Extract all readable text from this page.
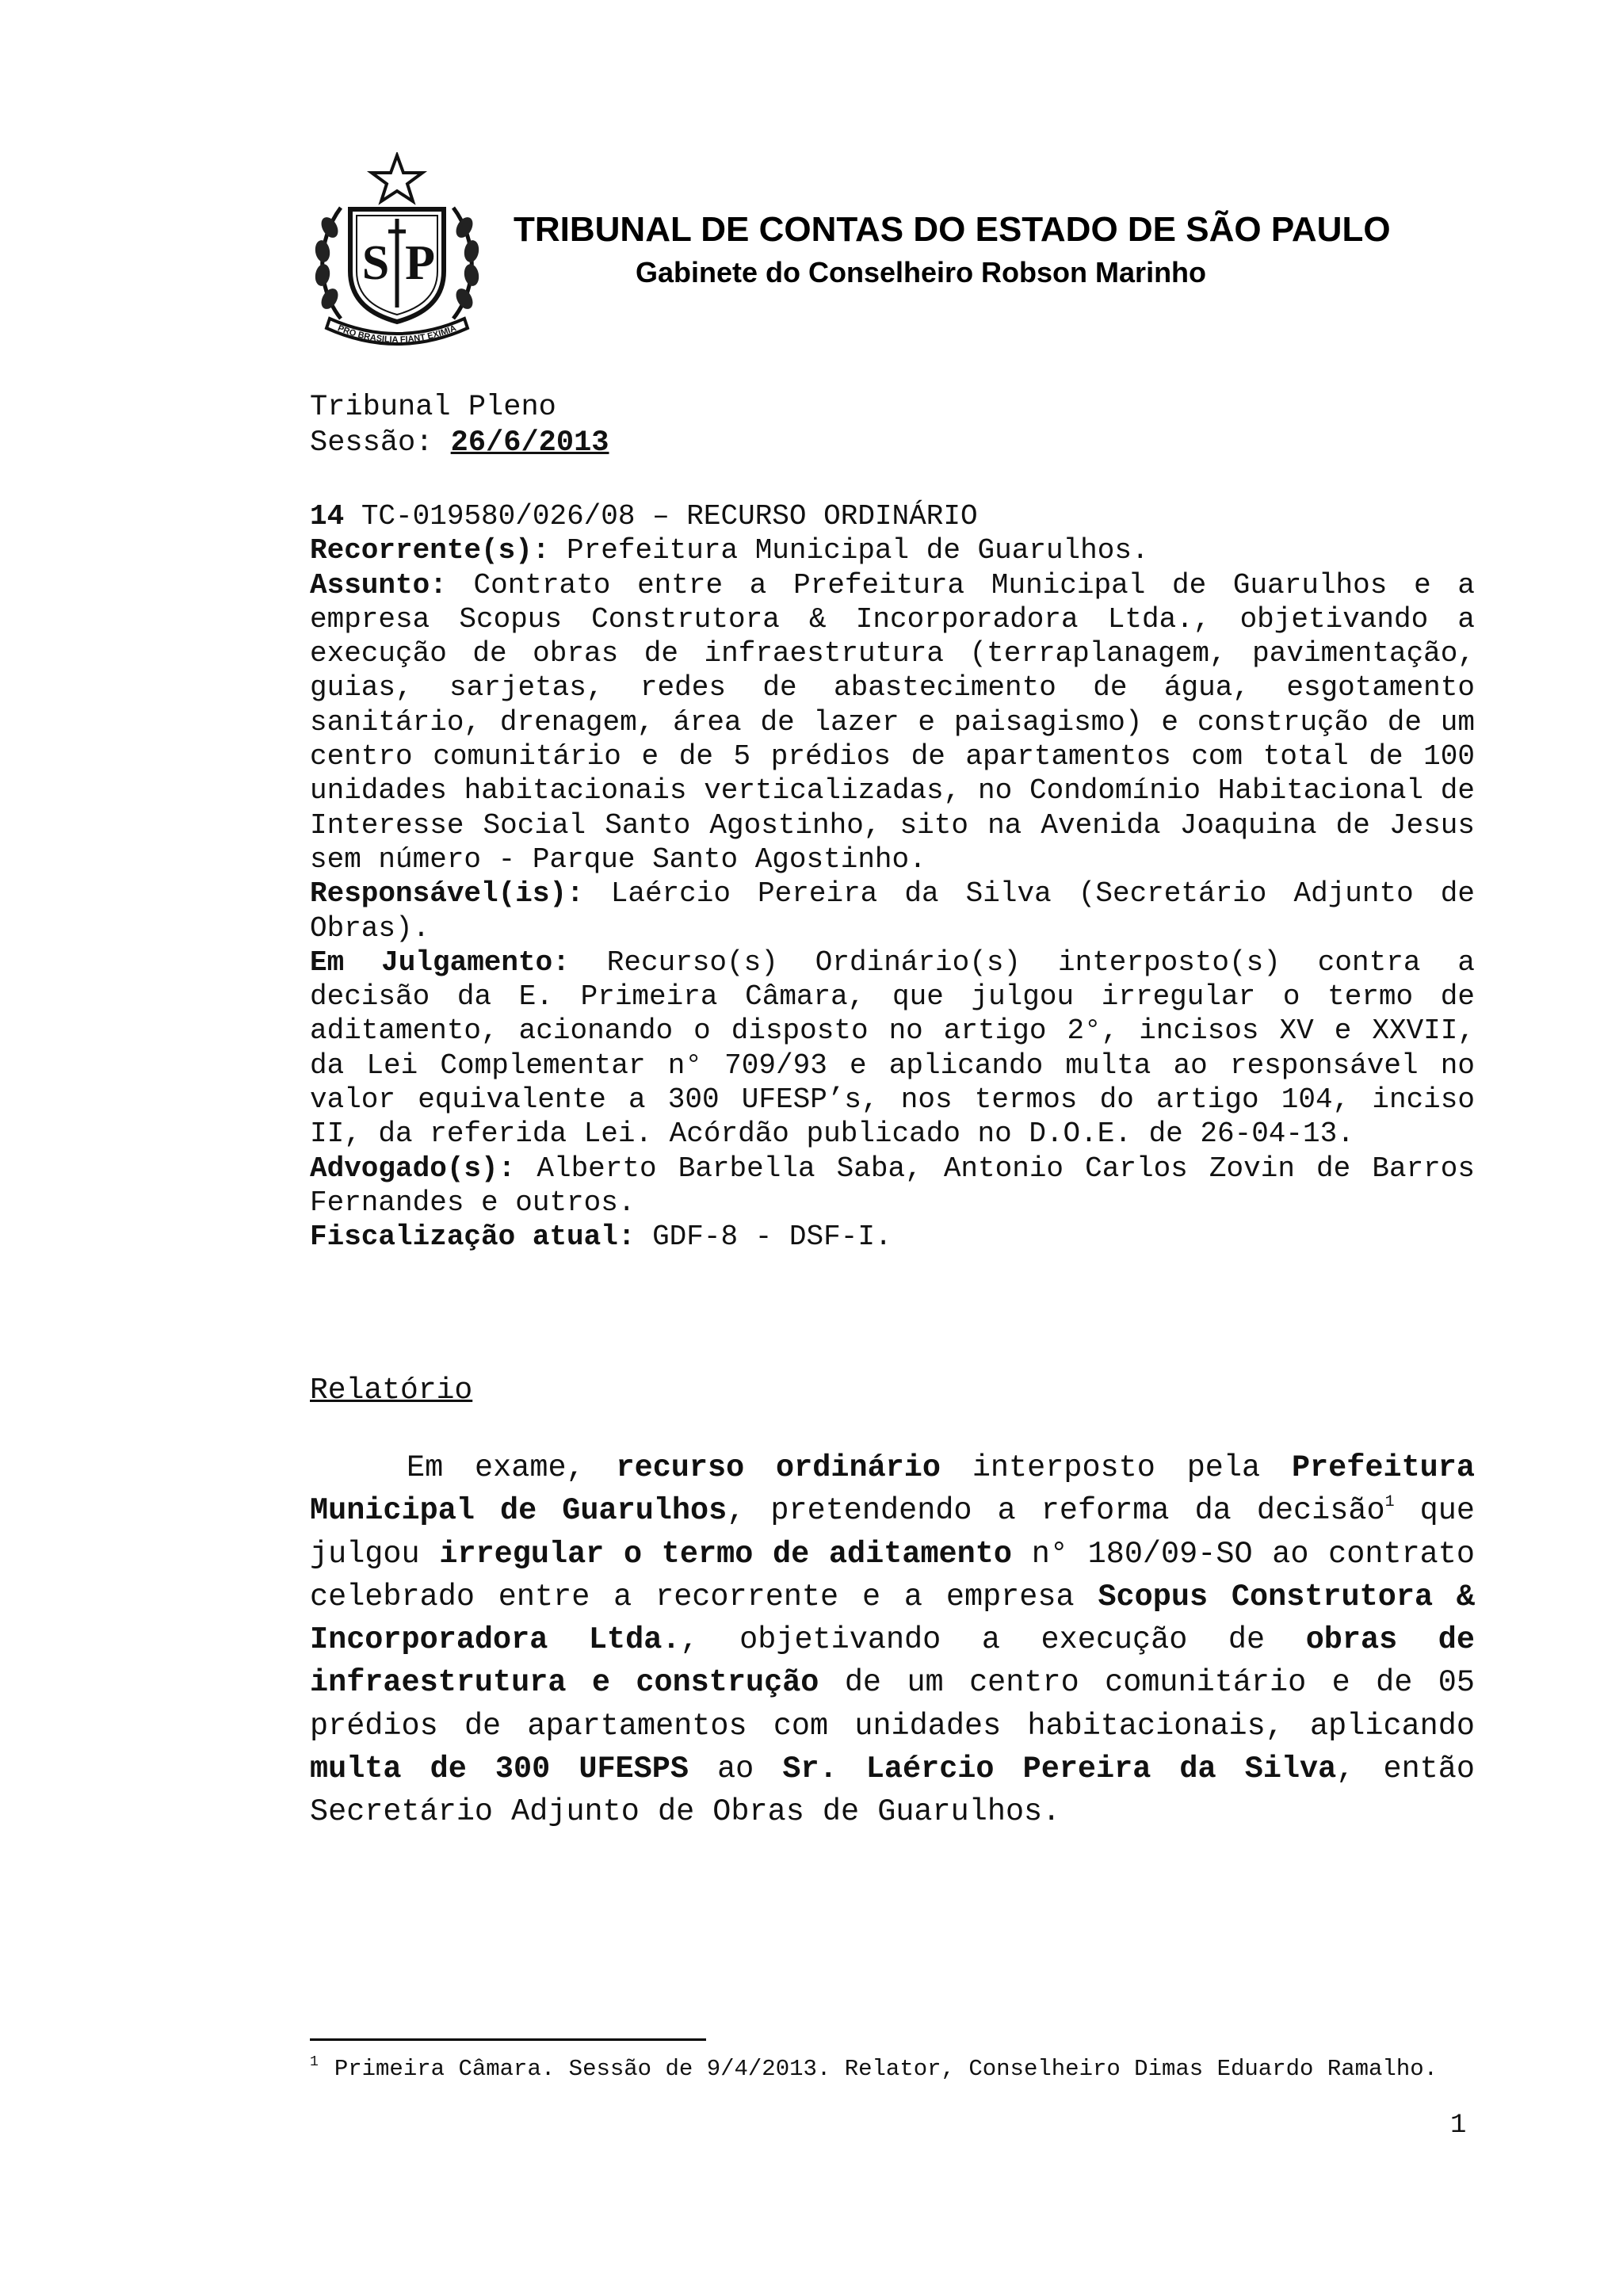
S P
PRO BRASILIA FIANT EXIMIA
TRIBUNAL DE CONTAS DO ESTADO DE SÃO PAULO
Gabinete do Conselheiro Robson Marinho
Tribunal Pleno
Sessão: 26/6/2013

14 TC-019580/026/08 – RECURSO ORDINÁRIO

Recorrente(s): Prefeitura Municipal de Guarulhos.

Assunto: Contrato entre a Prefeitura Municipal de Guarulhos e a empresa Scopus Construtora & Incorporadora Ltda., objetivando a execução de obras de infraestrutura (terraplanagem, pavimentação, guias, sarjetas, redes de abastecimento de água, esgotamento sanitário, drenagem, área de lazer e paisagismo) e construção de um centro comunitário e de 5 prédios de apartamentos com total de 100 unidades habitacionais verticalizadas, no Condomínio Habitacional de Interesse Social Santo Agostinho, sito na Avenida Joaquina de Jesus sem número - Parque Santo Agostinho.

Responsável(is): Laércio Pereira da Silva (Secretário Adjunto de Obras).

Em Julgamento: Recurso(s) Ordinário(s) interposto(s) contra a decisão da E. Primeira Câmara, que julgou irregular o termo de aditamento, acionando o disposto no artigo 2°, incisos XV e XXVII, da Lei Complementar n° 709/93 e aplicando multa ao responsável no valor equivalente a 300 UFESP’s, nos termos do artigo 104, inciso II, da referida Lei. Acórdão publicado no D.O.E. de 26-04-13.

Advogado(s): Alberto Barbella Saba, Antonio Carlos Zovin de Barros Fernandes e outros.

Fiscalização atual: GDF-8 - DSF-I.

Relatório

Em exame, recurso ordinário interposto pela Prefeitura Municipal de Guarulhos, pretendendo a reforma da decisão$^1$ que julgou irregular o termo de aditamento n° 180/09-SO ao contrato celebrado entre a recorrente e a empresa Scopus Construtora & Incorporadora Ltda., objetivando a execução de obras de infraestrutura e construção de um centro comunitário e de 05 prédios de apartamentos com unidades habitacionais, aplicando multa de 300 UFESPS ao Sr. Laércio Pereira da Silva, então Secretário Adjunto de Obras de Guarulhos.

$^1$ Primeira Câmara. Sessão de 9/4/2013. Relator, Conselheiro Dimas Eduardo Ramalho.
1
